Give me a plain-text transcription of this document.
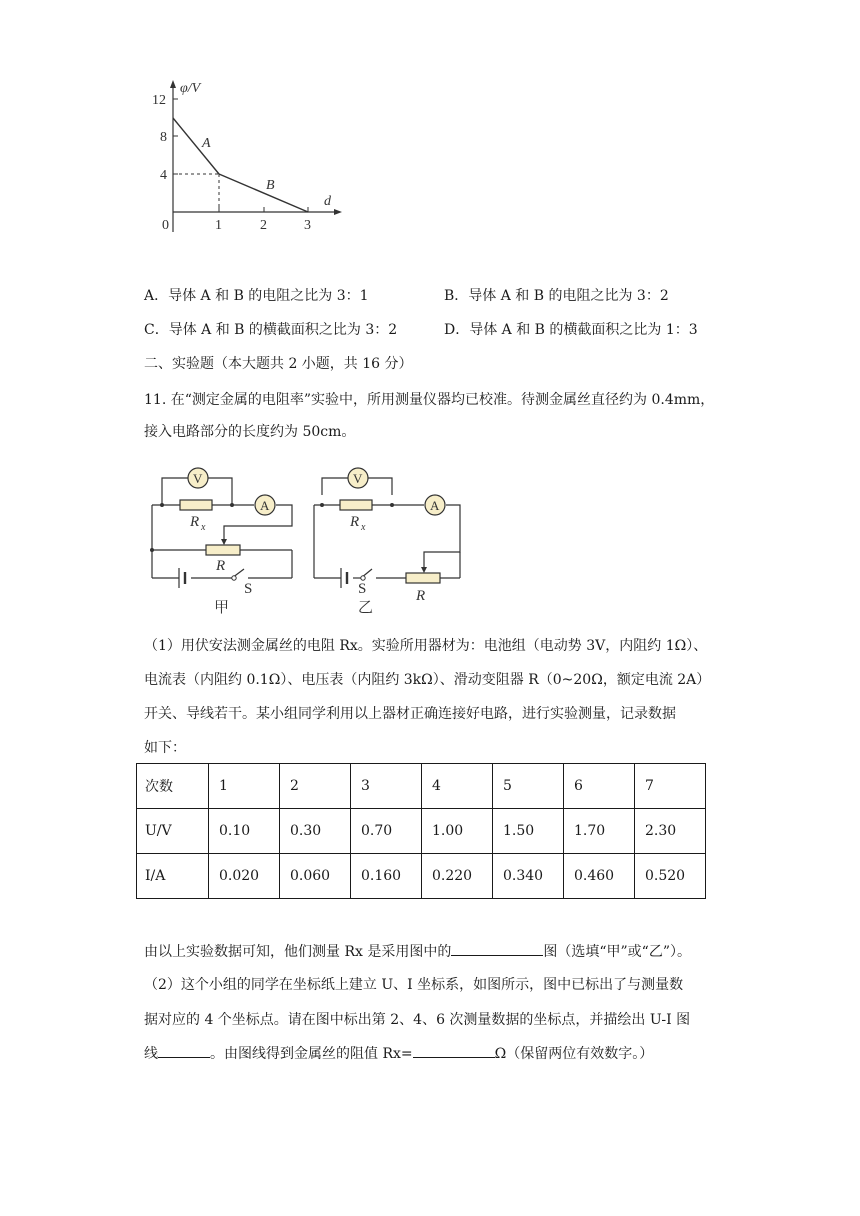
φ/V
d
12
8
4
0	1	2	3
A
B
A．导体 A 和 B 的电阻之比为 3：1	B．导体 A 和 B 的电阻之比为 3：2
C．导体 A 和 B 的横截面积之比为 3：2	D．导体 A 和 B 的横截面积之比为 1：3
二、实验题（本大题共 2 小题，共 16 分）
11. 在“测定金属的电阻率”实验中，所用测量仪器均已校准。待测金属丝直径约为 0.4mm，
接入电路部分的长度约为 50cm。
V
A
R x
R
S
甲
V
A
R x
R
S
乙
（1）用伏安法测金属丝的电阻 Rx。实验所用器材为：电池组（电动势 3V，内阻约 1Ω）、
电流表（内阻约 0.1Ω）、电压表（内阻约 3kΩ）、滑动变阻器 R（0~20Ω，额定电流 2A）
开关、导线若干。某小组同学利用以上器材正确连接好电路，进行实验测量，记录数据
如下：
次数	1	2	3	4	5	6	7
U/V	0.10	0.30	0.70	1.00	1.50	1.70	2.30
I/A	0.020	0.060	0.160	0.220	0.340	0.460	0.520
由以上实验数据可知，他们测量 Rx 是采用图中的	图（选填“甲”或“乙”）。
（2）这个小组的同学在坐标纸上建立 U、I 坐标系，如图所示，图中已标出了与测量数
据对应的 4 个坐标点。请在图中标出第 2、4、6 次测量数据的坐标点，并描绘出 U-I 图
线	。由图线得到金属丝的阻值 Rx=	Ω（保留两位有效数字。）
